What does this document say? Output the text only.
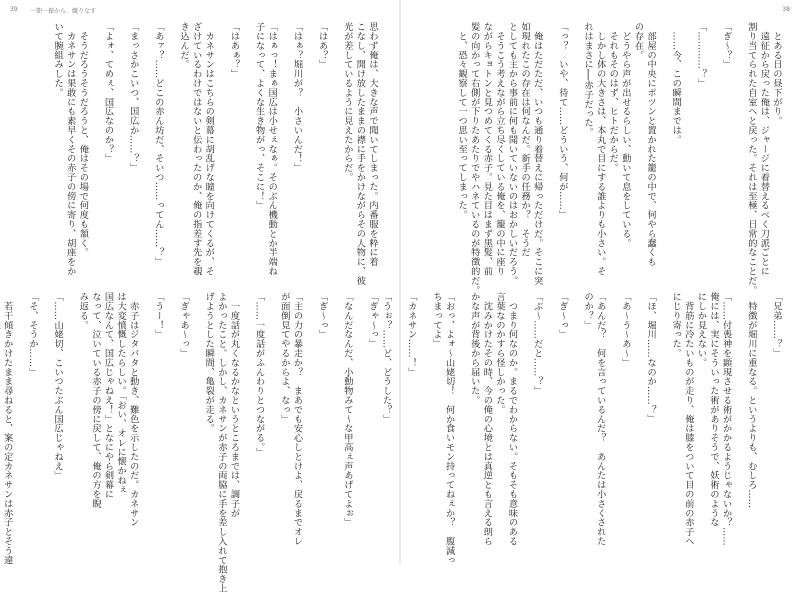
39 一期一振から、織りなす
思わず俺は、大きな声で聞いてしまった。内番服を粋に着
こなし、開け放したままの襟に手をかけながらその人物に、彼
光が差しているように見えたからだ。

「はあ？」

「はぁ？堀川が？　小さいんだ！」

「はぁっ！まぁ国広は小せぇなぁ。そのぶん機動とか半端ね
子になって、よくな生き物がっ、そこに！」

「はあぁ？」

　カネサンはこちらの剣幕に胡乱げな瞳を向けてくるが、そ
ざけているわけではないと伝わったのか、俺の指差す先を覗
き込んだ。

「あァ？……どこの赤ん坊だ、そいつ……ってん……？」

「まっさかこいつ、国広か……？」

「よォ、てめぇ、国広なのか？」

　そうだろうそうだろうと、俺はその場で何度も頷く。
　カネサンは果敢にも素早くその赤子の傍に寄り、胡座をか
いて腕組みした。
「ぎゃ〜っ」

「なんだなんだ、小動物みて〜な甲高ぇ声あげてよぉ」

「ぎ〜っ」

「主の力の暴走か？　まあでも安心しとけよ、戻るまでオレ
が面倒見てやるからよ、なっ」

「……一度話がふんわりとつながる。」

　一度話が丸くなるかなというところまでは、調子が
よかったこと。しかし、カネサンが赤子の両脇に手を差し入れて抱き上
げようとした瞬間、亀裂が走る。

「ぎゃあ〜っ」

「うー！」

　赤子はジタバタと動き、難色を示したのだ。カネサン
は大変憤慨したらしい。「おい、オレに懐かねぇ
国広なんて、国広じゃねえ！」となにやら剣幕に
なって、泣いている赤子の傍に戻して、俺の方を睨
み返る。

「……山姥切、こいつたぶん国広じゃねえ」

「そ、そうか……」

　若干傾きかけたまま尋ねると、案の定カネサンは赤子とそう違

38
　とある日の昼下がり。
　遠征から戻った俺は、ジャージに着替えるべく刀派ごとに
割り当てられた自室へと戻った。それは至極、日常的なことだ。

「ぎ〜？」

「…………？」

　……今、この瞬間までは。

　部屋の中央にポツンと置かれた籠の中で、何やら蠢くも
の存在。
　どうやら声が出せるらしい、動いて息をしている。
　それもそのはず、ヒトだからだ。
　しかし体の大きさは、本丸で目にする誰よりも小さい。そ
れはまさに──赤子だった。

「っ？　いや、待て……どういう、何が……」

　俺はただただ、いつも通り着替えに帰っただけだ。そこに突
如現れたこの存在は何なんだ。新手の任務か？　そうだ
としても主から事前に何も聞いていないのはおかしいだろう。
　そうこう考えながら立ち尽くしている俺を、籠の中に座り
ながらキョトンと見つめてくる赤子。見た目はまず黒髪、前
髪の向かって右側が下りたあたりでやハネているのが特徴的だ。
　と、恐々観察して一つ思い至ってしまった。
「兄弟……？」

　特徴が堀川に重なる。というよりも、むしろ……

「……付喪神を顕現させる術がかかるようじゃないか？……
俺には、実にそういった術がありそうで、妖術のような
にしか見えない。
　背筋に冷たいものが走り、俺は膝をついて目の前の赤子へ
にじり寄った。

「ほ、堀川……なのか……？」

「あ〜う〜あ〜」

「あんだ？　何を言っているんだ？　あんたは小さくされた
のか？」

「ぎ〜っ」

「ぶ〜……だと……？」

　つまり何なのか。まるでわからない。そもそも意味のある
言葉なのかすら怪しかった。
　沈みかけたその時、今の俺の心境とは真逆とも言える朗ら
かな声が背後から届いた。

「おっ、よォ〜山姥切！　何か食いモン持ってねぇか？　腹減っ
ちまってよ」

「カネサン……！」

「うぉ？……ど、どうした？」
